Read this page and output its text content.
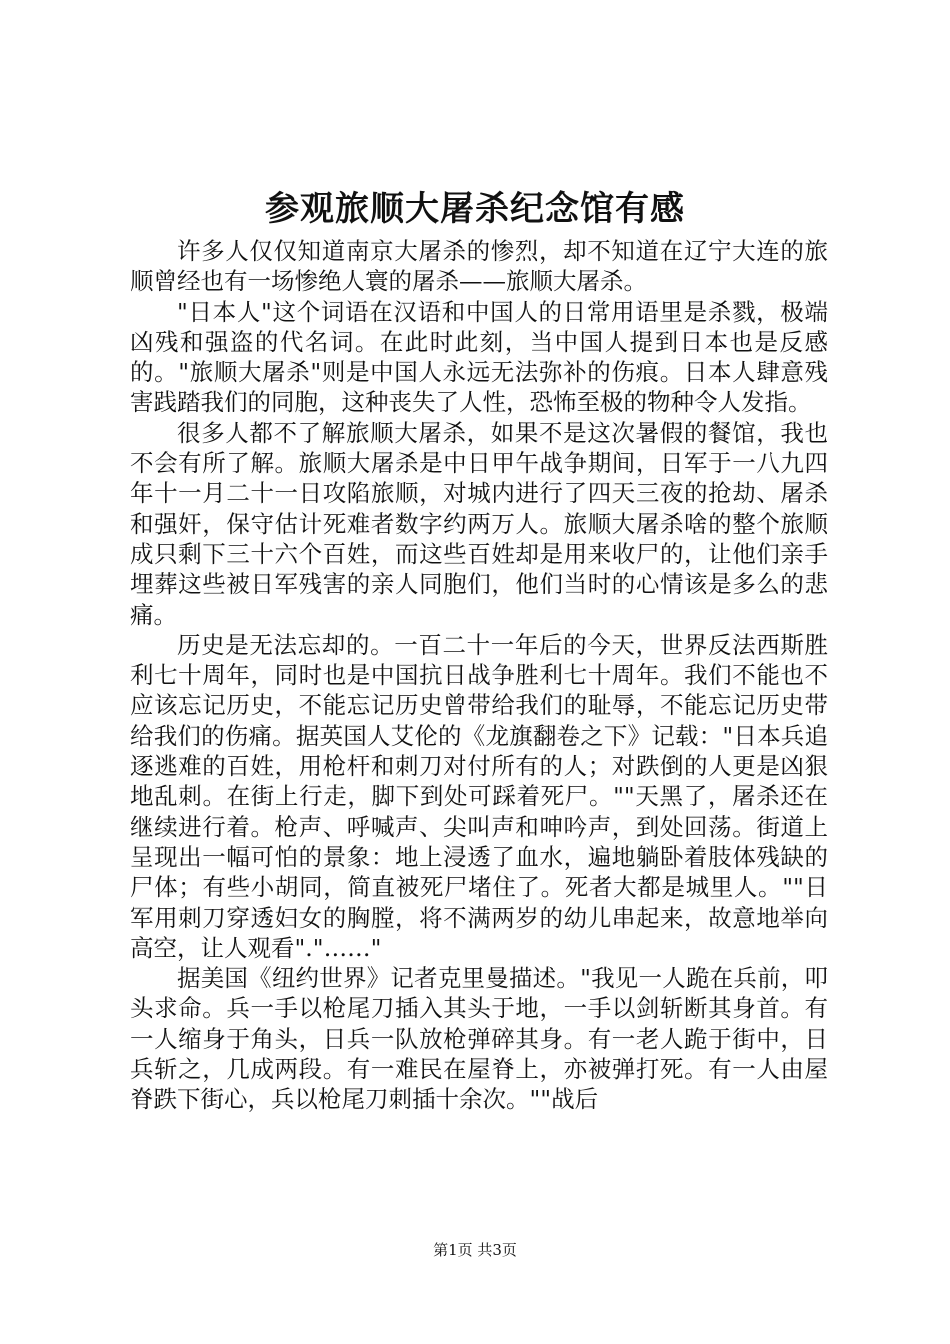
参观旅顺大屠杀纪念馆有感

许多人仅仅知道南京大屠杀的惨烈，却不知道在辽宁大连的旅顺曾经也有一场惨绝人寰的屠杀——旅顺大屠杀。

"日本人"这个词语在汉语和中国人的日常用语里是杀戮，极端凶残和强盗的代名词。在此时此刻，当中国人提到日本也是反感的。"旅顺大屠杀"则是中国人永远无法弥补的伤痕。日本人肆意残害践踏我们的同胞，这种丧失了人性，恐怖至极的物种令人发指。

很多人都不了解旅顺大屠杀，如果不是这次暑假的餐馆，我也不会有所了解。旅顺大屠杀是中日甲午战争期间，日军于一八九四年十一月二十一日攻陷旅顺，对城内进行了四天三夜的抢劫、屠杀和强奸，保守估计死难者数字约两万人。旅顺大屠杀啥的整个旅顺成只剩下三十六个百姓，而这些百姓却是用来收尸的，让他们亲手埋葬这些被日军残害的亲人同胞们，他们当时的心情该是多么的悲痛。

历史是无法忘却的。一百二十一年后的今天，世界反法西斯胜利七十周年，同时也是中国抗日战争胜利七十周年。我们不能也不应该忘记历史，不能忘记历史曾带给我们的耻辱，不能忘记历史带给我们的伤痛。据英国人艾伦的《龙旗翻卷之下》记载："日本兵追逐逃难的百姓，用枪杆和刺刀对付所有的人；对跌倒的人更是凶狠地乱刺。在街上行走，脚下到处可踩着死尸。""天黑了，屠杀还在继续进行着。枪声、呼喊声、尖叫声和呻吟声，到处回荡。街道上呈现出一幅可怕的景象：地上浸透了血水，遍地躺卧着肢体残缺的尸体；有些小胡同，简直被死尸堵住了。死者大都是城里人。""日军用刺刀穿透妇女的胸膛，将不满两岁的幼儿串起来，故意地举向高空，让人观看"."……"

据美国《纽约世界》记者克里曼描述。"我见一人跪在兵前，叩头求命。兵一手以枪尾刀插入其头于地，一手以剑斩断其身首。有一人缩身于角头，日兵一队放枪弹碎其身。有一老人跪于街中，日兵斩之，几成两段。有一难民在屋脊上，亦被弹打死。有一人由屋脊跌下街心，兵以枪尾刀刺插十余次。""战后

第1页 共3页
